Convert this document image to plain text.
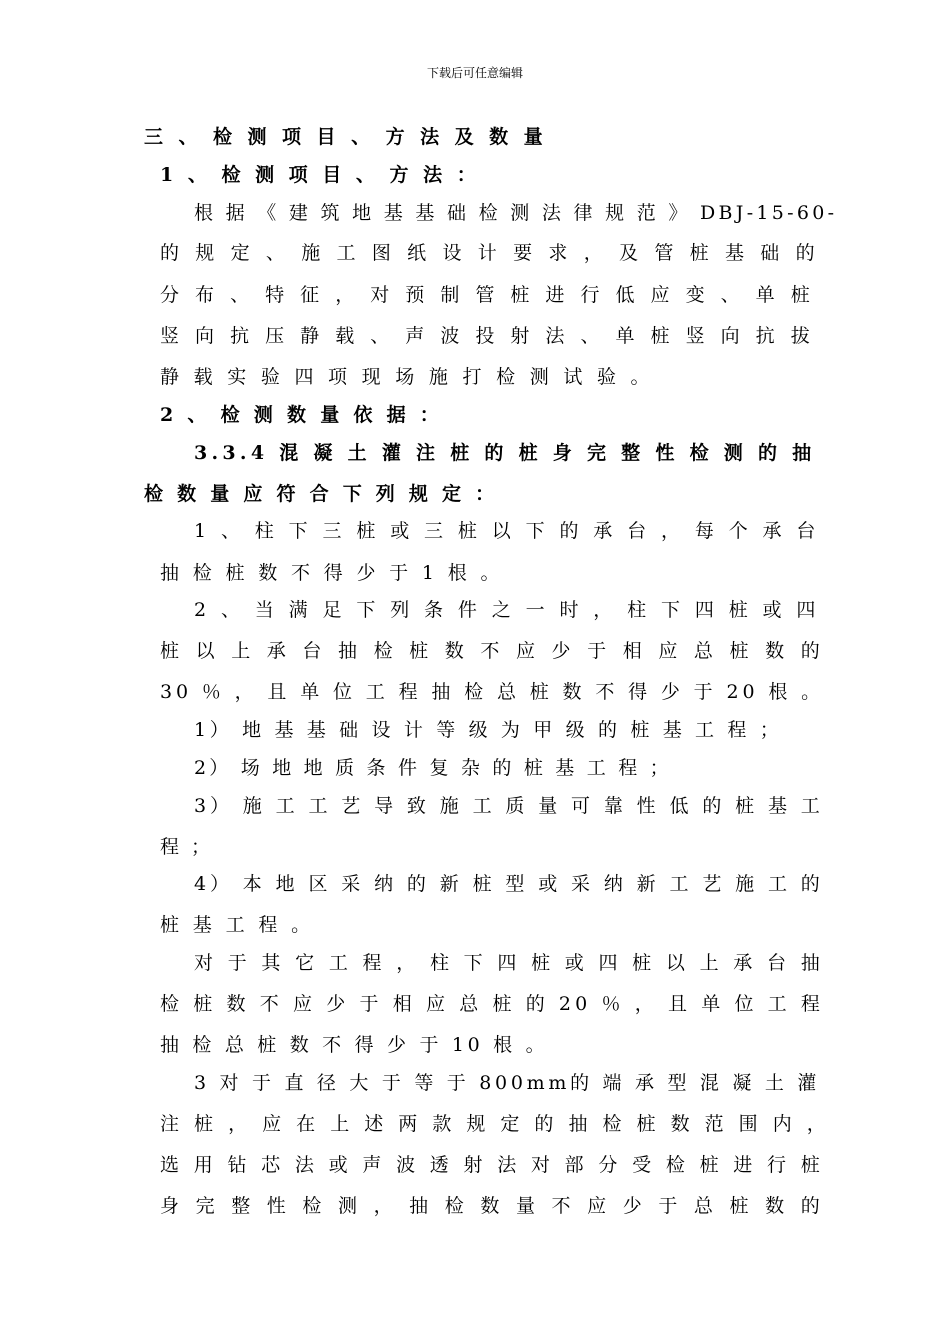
下载后可任意编辑
三 、 检 测 项 目 、 方 法 及 数 量
1 、 检 测 项 目 、 方 法 ：
根 据 《 建 筑 地 基 基 础 检 测 法 律 规 范 》 DBJ-15-60-
的 规 定 、 施 工 图 纸 设 计 要 求 ， 及 管 桩 基 础 的
分 布 、 特 征 ， 对 预 制 管 桩 进 行 低 应 变 、 单 桩
竖 向 抗 压 静 载 、 声 波 投 射 法 、 单 桩 竖 向 抗 拔
静 载 实 验 四 项 现 场 施 打 检 测 试 验 。
2 、 检 测 数 量 依 据 ：
3.3.4 混 凝 土 灌 注 桩 的 桩 身 完 整 性 检 测 的 抽
检 数 量 应 符 合 下 列 规 定 ：
1 、 柱 下 三 桩 或 三 桩 以 下 的 承 台 ， 每 个 承 台
抽 检 桩 数 不 得 少 于 1 根 。
2 、 当 满 足 下 列 条 件 之 一 时 ， 柱 下 四 桩 或 四
桩 以 上 承 台 抽 检 桩 数 不 应 少 于 相 应 总 桩 数 的
30 ％ ， 且 单 位 工 程 抽 检 总 桩 数 不 得 少 于 20 根 。
1） 地 基 基 础 设 计 等 级 为 甲 级 的 桩 基 工 程 ；
2） 场 地 地 质 条 件 复 杂 的 桩 基 工 程 ；
3） 施 工 工 艺 导 致 施 工 质 量 可 靠 性 低 的 桩 基 工
程 ；
4） 本 地 区 采 纳 的 新 桩 型 或 采 纳 新 工 艺 施 工 的
桩 基 工 程 。
对 于 其 它 工 程 ， 柱 下 四 桩 或 四 桩 以 上 承 台 抽
检 桩 数 不 应 少 于 相 应 总 桩 的 20 ％ ， 且 单 位 工 程
抽 检 总 桩 数 不 得 少 于 10 根 。
3 对 于 直 径 大 于 等 于 800mm的 端 承 型 混 凝 土 灌
注 桩 ， 应 在 上 述 两 款 规 定 的 抽 检 桩 数 范 围 内 ，
选 用 钻 芯 法 或 声 波 透 射 法 对 部 分 受 检 桩 进 行 桩
身 完 整 性 检 测 ， 抽 检 数 量 不 应 少 于 总 桩 数 的
